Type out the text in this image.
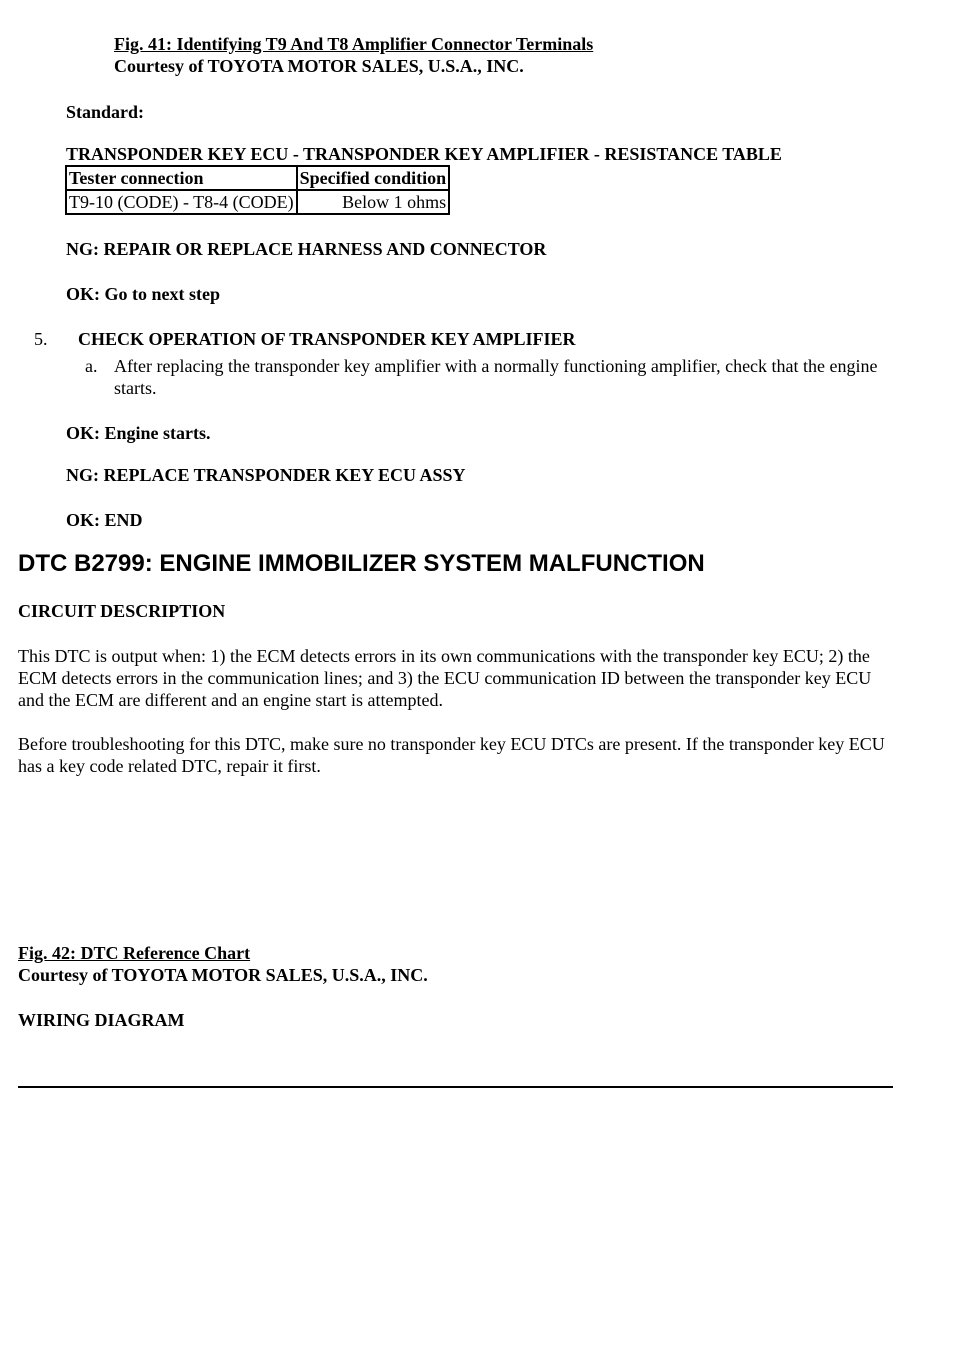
Fig. 41: Identifying T9 And T8 Amplifier Connector Terminals
Courtesy of TOYOTA MOTOR SALES, U.S.A., INC.
Standard:
TRANSPONDER KEY ECU - TRANSPONDER KEY AMPLIFIER - RESISTANCE TABLE
Tester connection	Specified condition
T9-10 (CODE) - T8-4 (CODE)	Below 1 ohms
NG: REPAIR OR REPLACE HARNESS AND CONNECTOR
OK: Go to next step
5. CHECK OPERATION OF TRANSPONDER KEY AMPLIFIER
a. After replacing the transponder key amplifier with a normally functioning amplifier, check that the engine starts.
OK: Engine starts.
NG: REPLACE TRANSPONDER KEY ECU ASSY
OK: END
DTC B2799: ENGINE IMMOBILIZER SYSTEM MALFUNCTION
CIRCUIT DESCRIPTION
This DTC is output when: 1) the ECM detects errors in its own communications with the transponder key ECU; 2) the ECM detects errors in the communication lines; and 3) the ECU communication ID between the transponder key ECU and the ECM are different and an engine start is attempted.
Before troubleshooting for this DTC, make sure no transponder key ECU DTCs are present. If the transponder key ECU has a key code related DTC, repair it first.
Fig. 42: DTC Reference Chart
Courtesy of TOYOTA MOTOR SALES, U.S.A., INC.
WIRING DIAGRAM
